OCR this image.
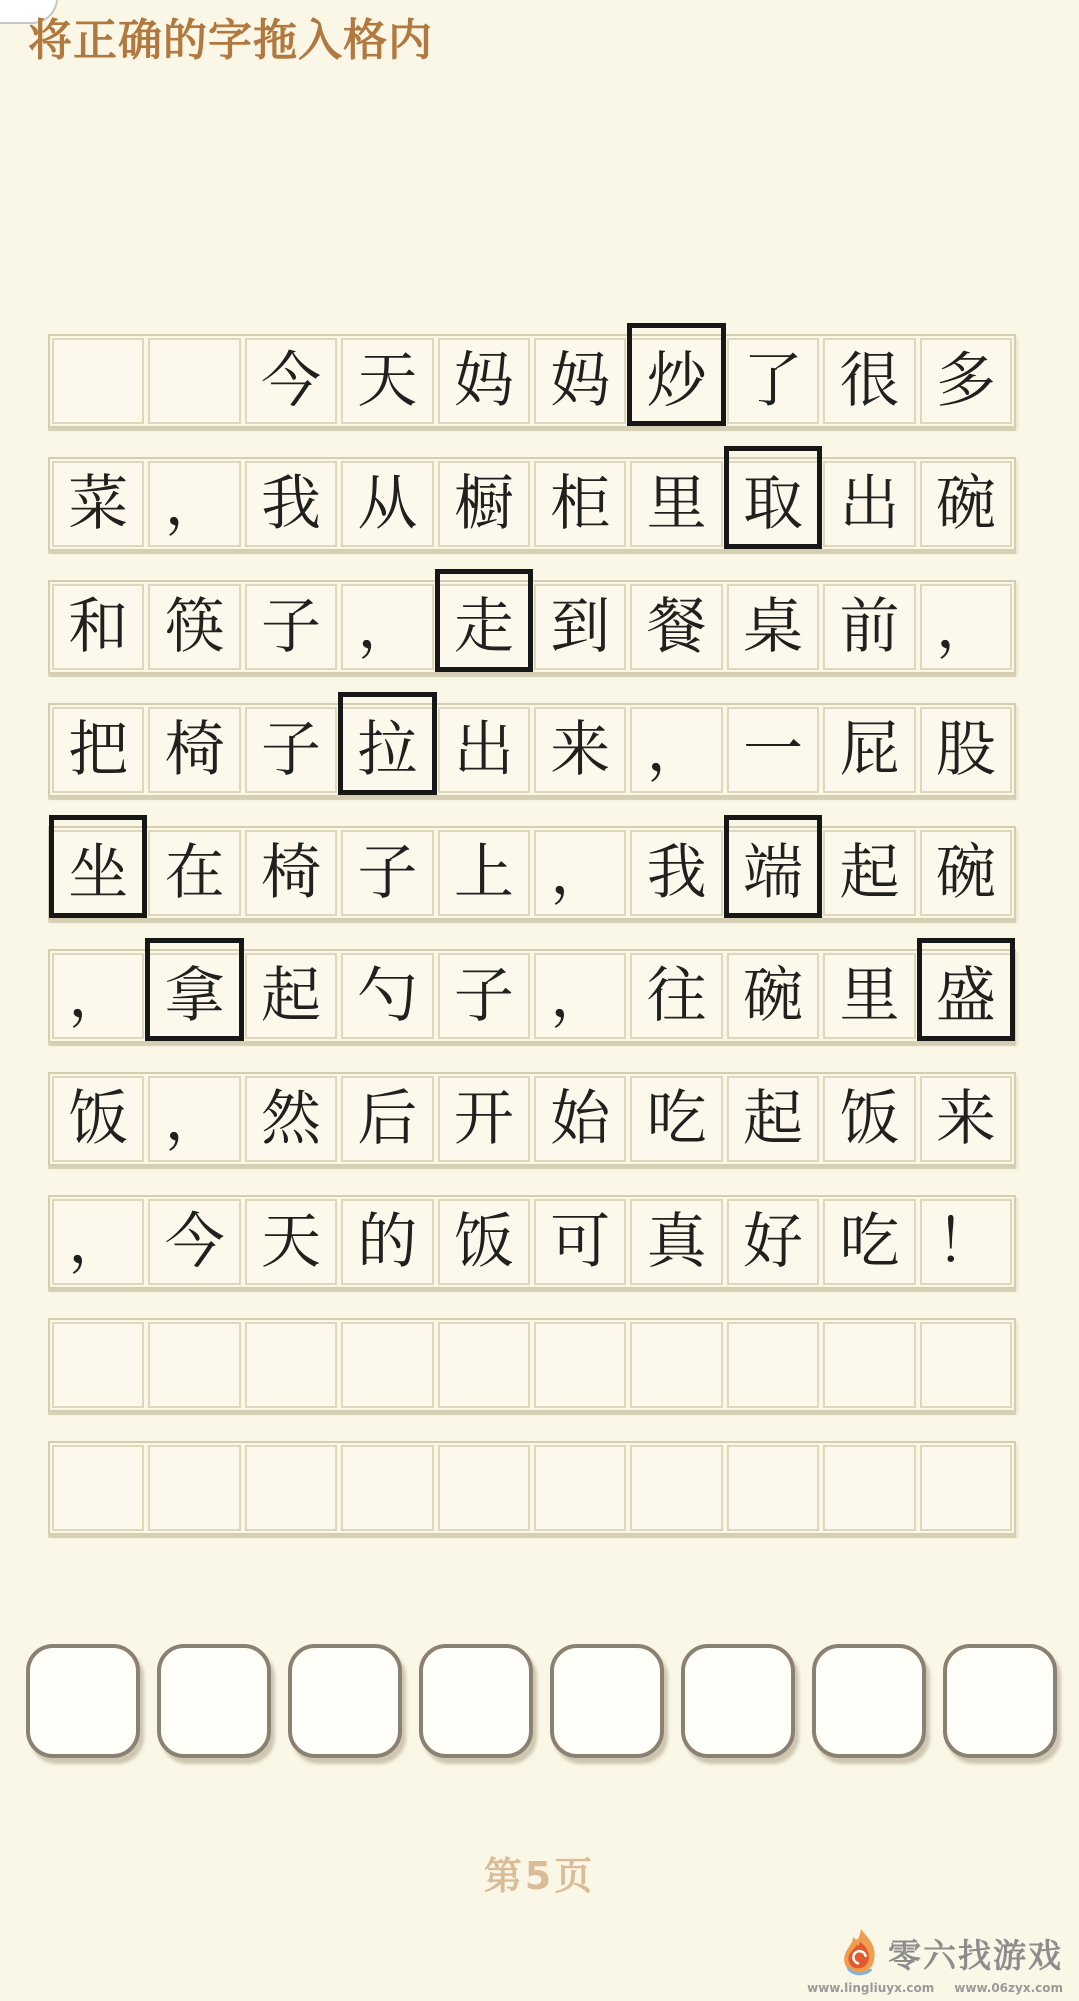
将正确的字拖入格内
今 天 妈 妈 炒 了 很 多
菜 ， 我 从 橱 柜 里 取 出 碗
和 筷 子 ， 走 到 餐 桌 前 ，
把 椅 子 拉 出 来 ， 一 屁 股
坐 在 椅 子 上 ， 我 端 起 碗
， 拿 起 勺 子 ， 往 碗 里 盛
饭 ， 然 后 开 始 吃 起 饭 来
， 今 天 的 饭 可 真 好 吃 ！
第5页
零六找游戏
www.lingliuyx.com www.06zyx.com
